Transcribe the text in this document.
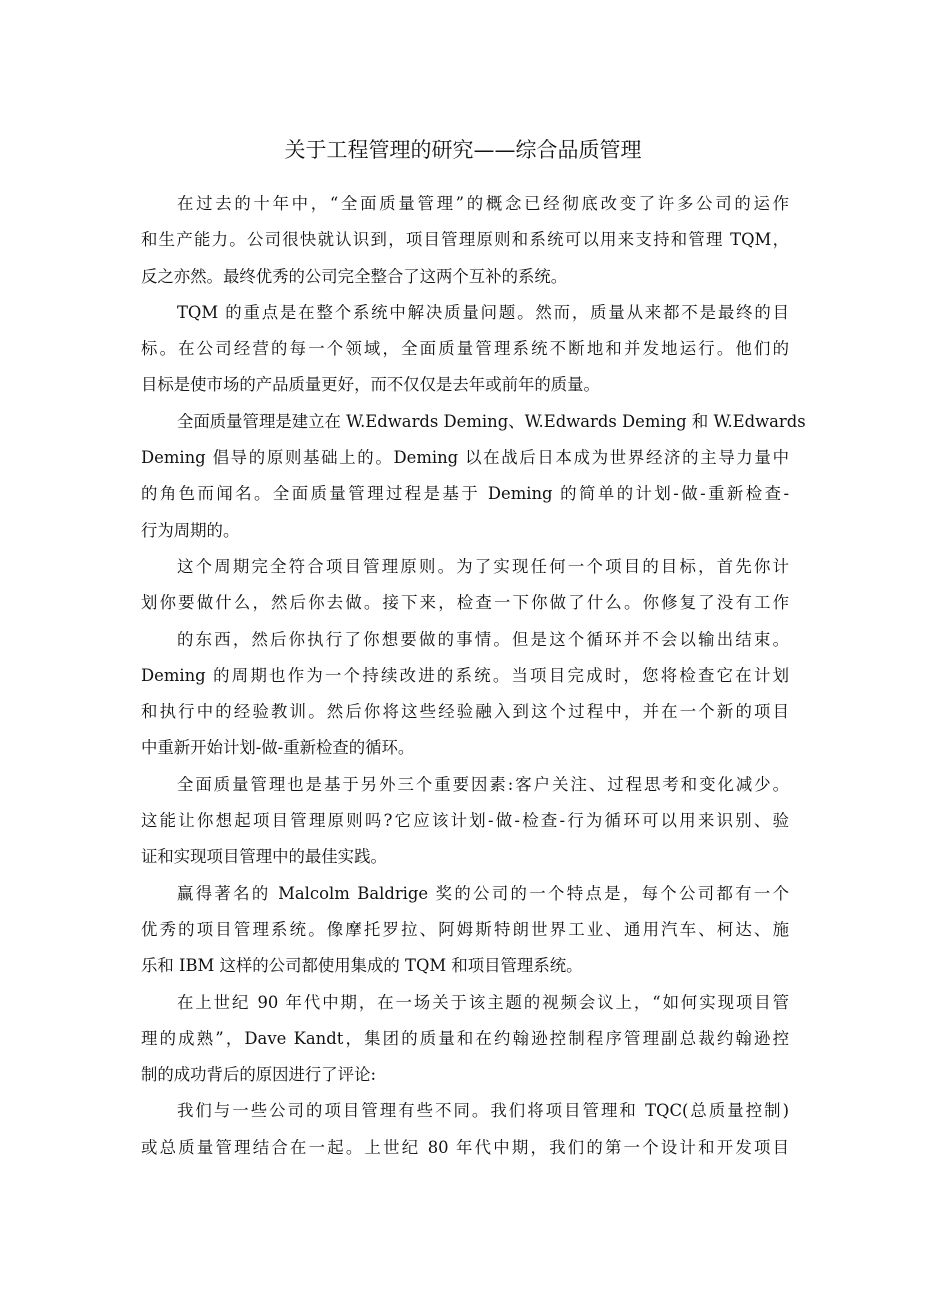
关于工程管理的研究——综合品质管理

在过去的十年中，“全面质量管理”的概念已经彻底改变了许多公司的运作
和生产能力。公司很快就认识到，项目管理原则和系统可以用来支持和管理 TQM，
反之亦然。最终优秀的公司完全整合了这两个互补的系统。

TQM 的重点是在整个系统中解决质量问题。然而，质量从来都不是最终的目
标。在公司经营的每一个领域，全面质量管理系统不断地和并发地运行。他们的
目标是使市场的产品质量更好，而不仅仅是去年或前年的质量。

全面质量管理是建立在 W.Edwards Deming、W.Edwards Deming 和 W.Edwards
Deming 倡导的原则基础上的。Deming 以在战后日本成为世界经济的主导力量中
的角色而闻名。全面质量管理过程是基于 Deming 的简单的计划-做-重新检查-
行为周期的。

这个周期完全符合项目管理原则。为了实现任何一个项目的目标，首先你计
划你要做什么，然后你去做。接下来，检查一下你做了什么。你修复了没有工作
的东西，然后你执行了你想要做的事情。但是这个循环并不会以输出结束。
Deming 的周期也作为一个持续改进的系统。当项目完成时，您将检查它在计划
和执行中的经验教训。然后你将这些经验融入到这个过程中，并在一个新的项目
中重新开始计划-做-重新检查的循环。

全面质量管理也是基于另外三个重要因素:客户关注、过程思考和变化减少。
这能让你想起项目管理原则吗?它应该计划-做-检查-行为循环可以用来识别、验
证和实现项目管理中的最佳实践。

赢得著名的 Malcolm Baldrige 奖的公司的一个特点是，每个公司都有一个
优秀的项目管理系统。像摩托罗拉、阿姆斯特朗世界工业、通用汽车、柯达、施
乐和 IBM 这样的公司都使用集成的 TQM 和项目管理系统。

在上世纪 90 年代中期，在一场关于该主题的视频会议上，“如何实现项目管
理的成熟”，Dave Kandt，集团的质量和在约翰逊控制程序管理副总裁约翰逊控
制的成功背后的原因进行了评论:

我们与一些公司的项目管理有些不同。我们将项目管理和 TQC(总质量控制)
或总质量管理结合在一起。上世纪 80 年代中期，我们的第一个设计和开发项目
